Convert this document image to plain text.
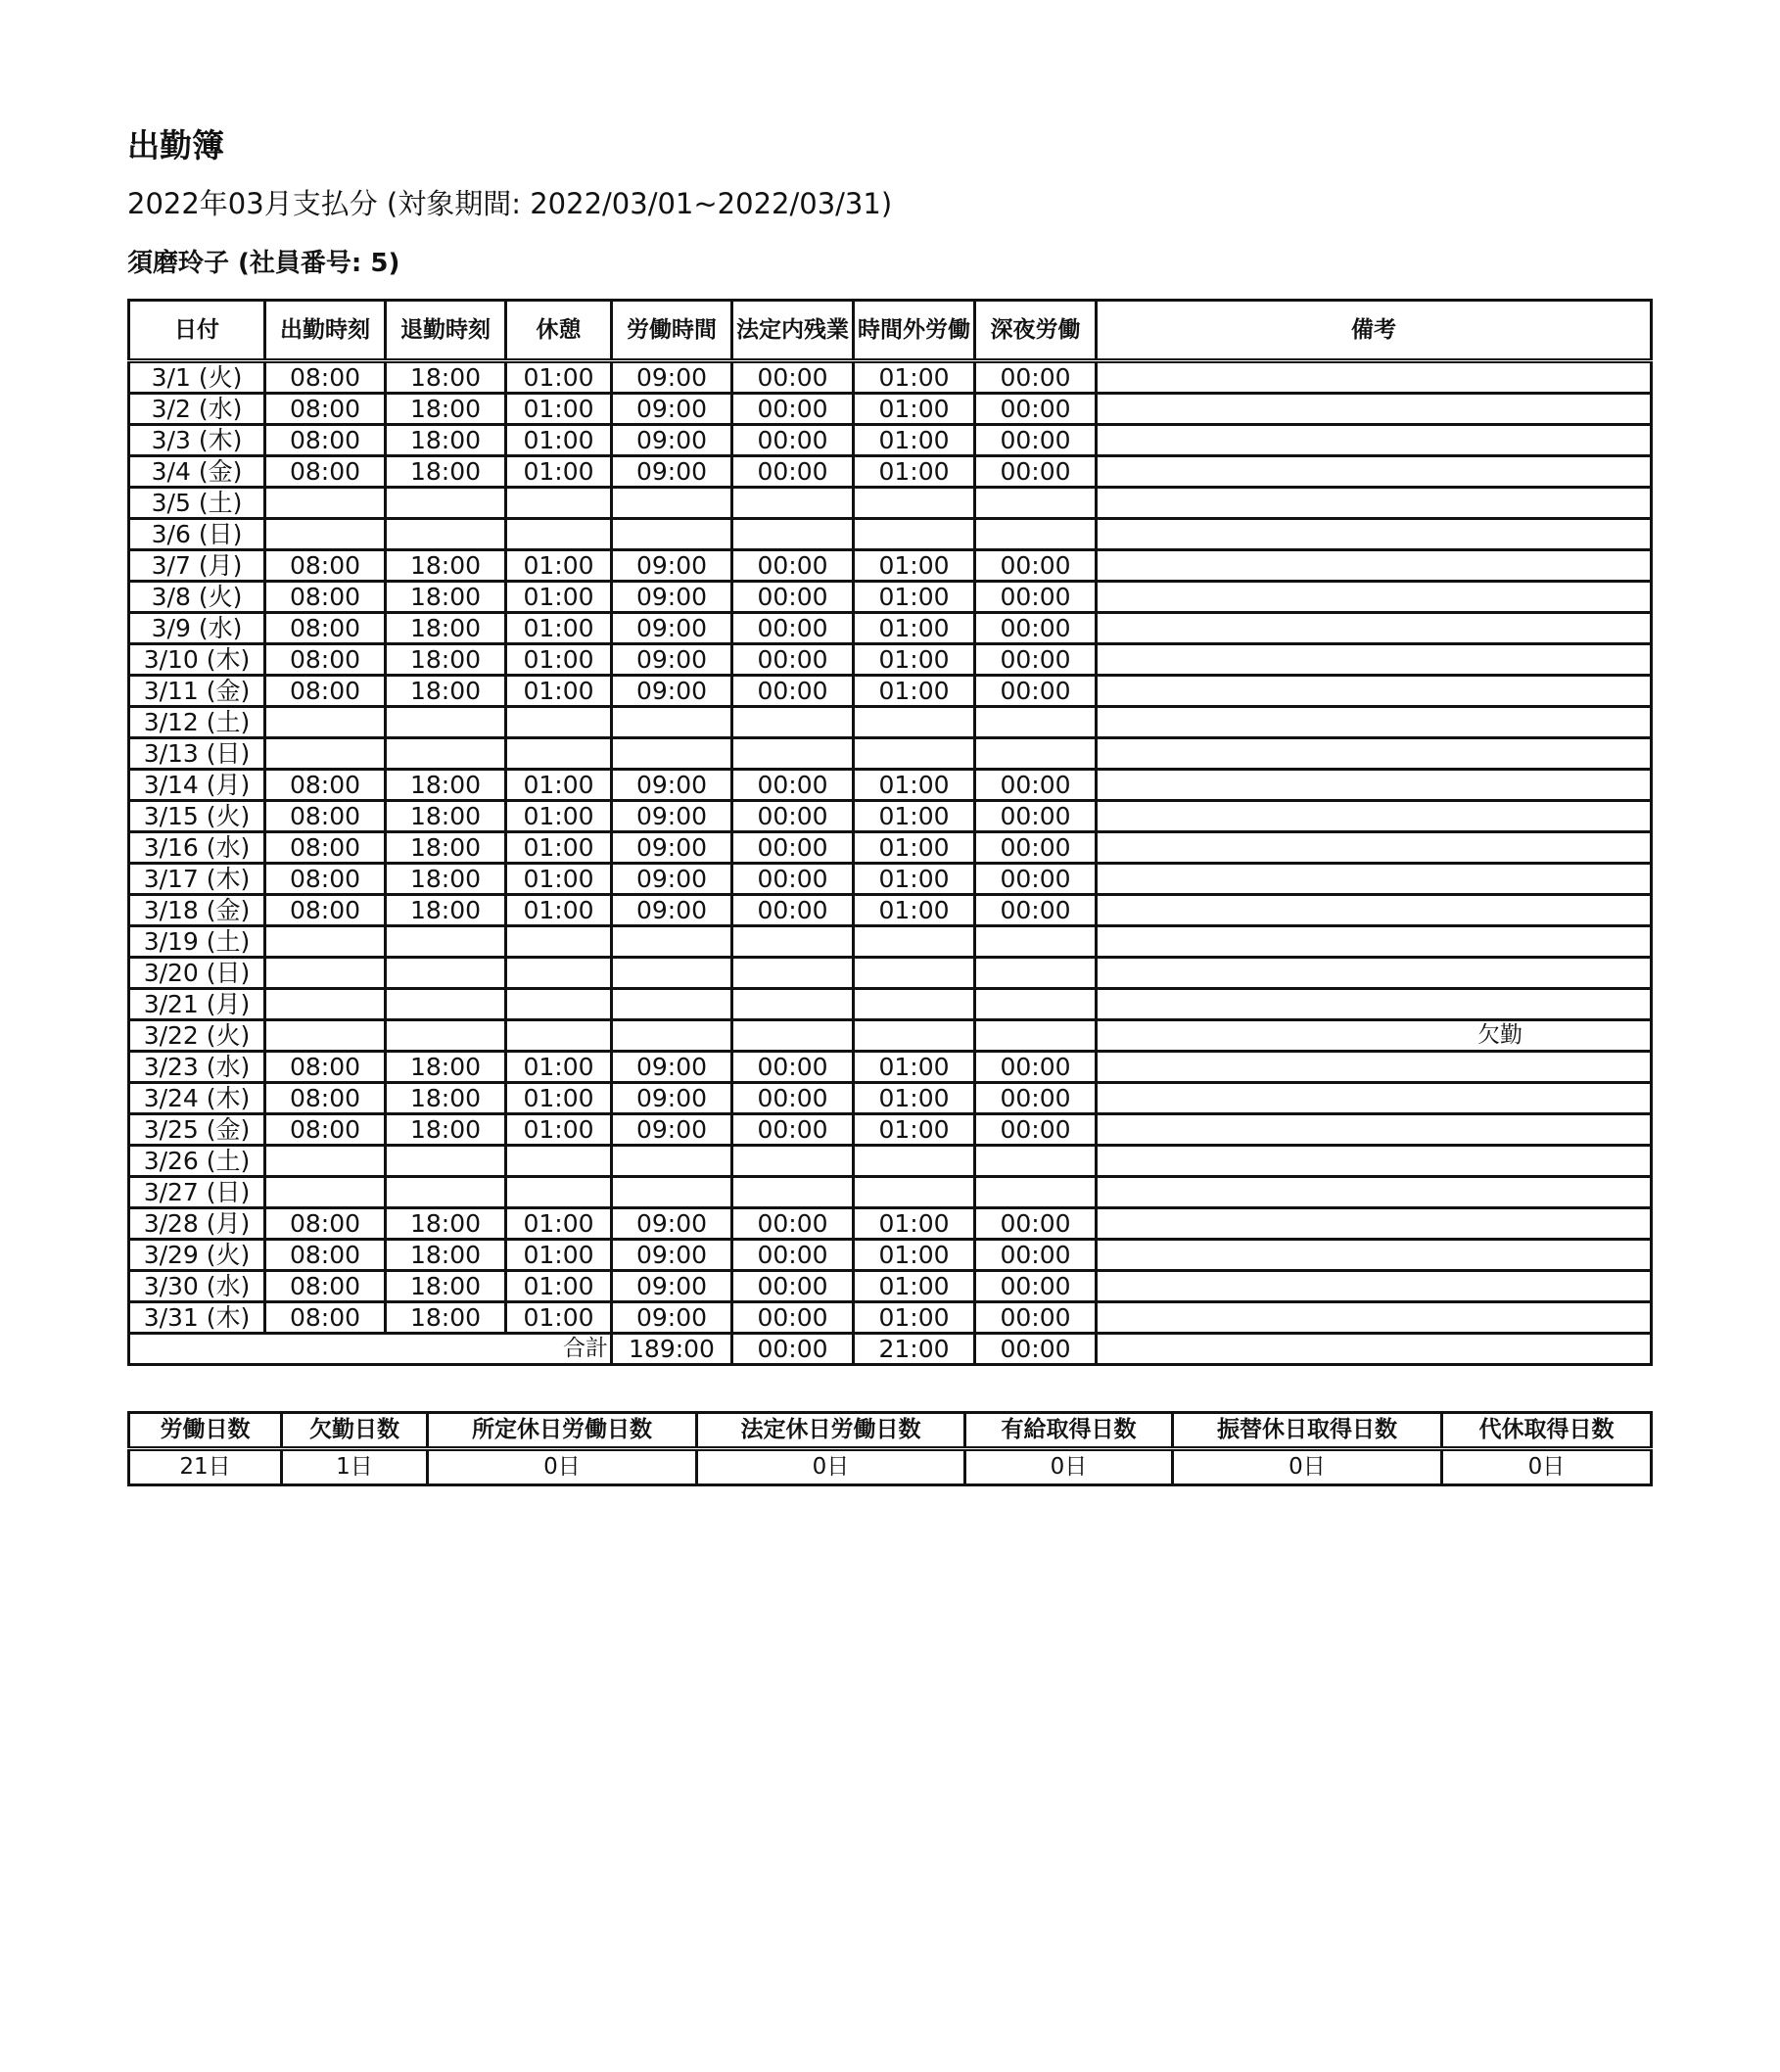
出勤簿
2022年03月支払分 (対象期間: 2022/03/01~2022/03/31)
須磨玲子 (社員番号: 5)
日付	出勤時刻	退勤時刻	休憩	労働時間	法定内残業	時間外労働	深夜労働	備考
3/1 (火)	08:00	18:00	01:00	09:00	00:00	01:00	00:00	
3/2 (水)	08:00	18:00	01:00	09:00	00:00	01:00	00:00	
3/3 (木)	08:00	18:00	01:00	09:00	00:00	01:00	00:00	
3/4 (金)	08:00	18:00	01:00	09:00	00:00	01:00	00:00	
3/5 (土)								
3/6 (日)								
3/7 (月)	08:00	18:00	01:00	09:00	00:00	01:00	00:00	
3/8 (火)	08:00	18:00	01:00	09:00	00:00	01:00	00:00	
3/9 (水)	08:00	18:00	01:00	09:00	00:00	01:00	00:00	
3/10 (木)	08:00	18:00	01:00	09:00	00:00	01:00	00:00	
3/11 (金)	08:00	18:00	01:00	09:00	00:00	01:00	00:00	
3/12 (土)								
3/13 (日)								
3/14 (月)	08:00	18:00	01:00	09:00	00:00	01:00	00:00	
3/15 (火)	08:00	18:00	01:00	09:00	00:00	01:00	00:00	
3/16 (水)	08:00	18:00	01:00	09:00	00:00	01:00	00:00	
3/17 (木)	08:00	18:00	01:00	09:00	00:00	01:00	00:00	
3/18 (金)	08:00	18:00	01:00	09:00	00:00	01:00	00:00	
3/19 (土)								
3/20 (日)								
3/21 (月)								
3/22 (火)								欠勤
3/23 (水)	08:00	18:00	01:00	09:00	00:00	01:00	00:00	
3/24 (木)	08:00	18:00	01:00	09:00	00:00	01:00	00:00	
3/25 (金)	08:00	18:00	01:00	09:00	00:00	01:00	00:00	
3/26 (土)								
3/27 (日)								
3/28 (月)	08:00	18:00	01:00	09:00	00:00	01:00	00:00	
3/29 (火)	08:00	18:00	01:00	09:00	00:00	01:00	00:00	
3/30 (水)	08:00	18:00	01:00	09:00	00:00	01:00	00:00	
3/31 (木)	08:00	18:00	01:00	09:00	00:00	01:00	00:00	
合計				189:00	00:00	21:00	00:00	
労働日数	欠勤日数	所定休日労働日数	法定休日労働日数	有給取得日数	振替休日取得日数	代休取得日数
21日	1日	0日	0日	0日	0日	0日
